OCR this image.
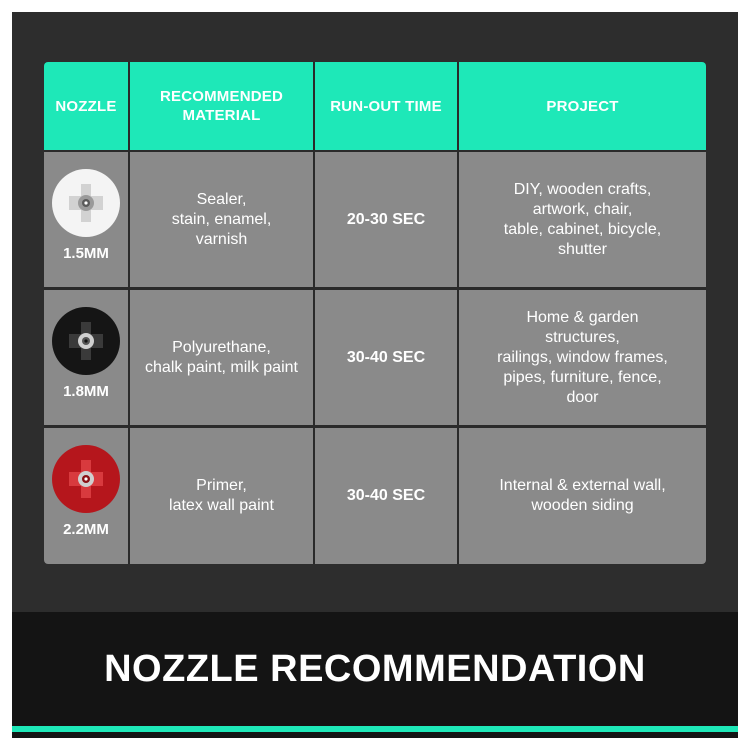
NOZZLE
RECOMMENDED MATERIAL
RUN-OUT TIME	PROJECT
1.5MM
Sealer,
stain, enamel,
varnish
20-30 SEC
DIY, wooden crafts,
artwork, chair,
table, cabinet, bicycle,
shutter
1.8MM
Polyurethane,
chalk paint, milk paint
30-40 SEC
Home & garden
structures,
railings, window frames,
pipes, furniture, fence,
door
2.2MM
Primer,
latex wall paint
30-40 SEC
Internal & external wall,
wooden siding
NOZZLE RECOMMENDATION
